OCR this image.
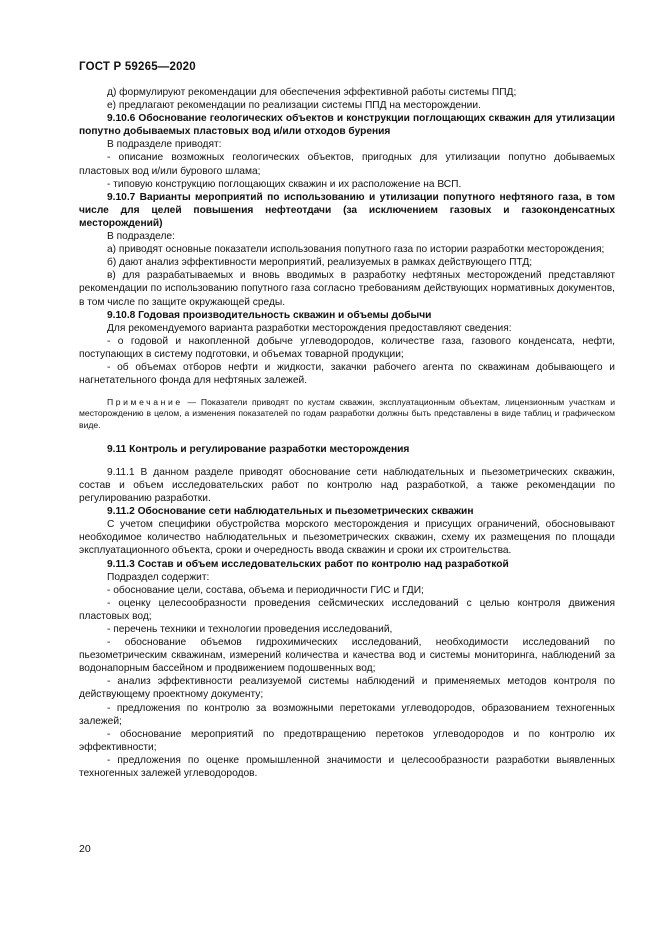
ГОСТ Р 59265—2020

д) формулируют рекомендации для обеспечения эффективной работы системы ППД;

е) предлагают рекомендации по реализации системы ППД на месторождении.

9.10.6 Обоснование геологических объектов и конструкции поглощающих скважин для утилизации попутно добываемых пластовых вод и/или отходов бурения

В подразделе приводят:

- описание возможных геологических объектов, пригодных для утилизации попутно добываемых пластовых вод и/или бурового шлама;

- типовую конструкцию поглощающих скважин и их расположение на ВСП.

9.10.7 Варианты мероприятий по использованию и утилизации попутного нефтяного газа, в том числе для целей повышения нефтеотдачи (за исключением газовых и газоконденсатных месторождений)

В подразделе:

а) приводят основные показатели использования попутного газа по истории разработки месторождения;

б) дают анализ эффективности мероприятий, реализуемых в рамках действующего ПТД;

в) для разрабатываемых и вновь вводимых в разработку нефтяных месторождений представляют рекомендации по использованию попутного газа согласно требованиям действующих нормативных документов, в том числе по защите окружающей среды.

9.10.8 Годовая производительность скважин и объемы добычи

Для рекомендуемого варианта разработки месторождения предоставляют сведения:

- о годовой и накопленной добыче углеводородов, количестве газа, газового конденсата, нефти, поступающих в систему подготовки, и объемах товарной продукции;

- об объемах отборов нефти и жидкости, закачки рабочего агента по скважинам добывающего и нагнетательного фонда для нефтяных залежей.

Примечание — Показатели приводят по кустам скважин, эксплуатационным объектам, лицензионным участкам и месторождению в целом, а изменения показателей по годам разработки должны быть представлены в виде таблиц и графическом виде.

9.11 Контроль и регулирование разработки месторождения

9.11.1 В данном разделе приводят обоснование сети наблюдательных и пьезометрических скважин, состав и объем исследовательских работ по контролю над разработкой, а также рекомендации по регулированию разработки.

9.11.2 Обоснование сети наблюдательных и пьезометрических скважин

С учетом специфики обустройства морского месторождения и присущих ограничений, обосновывают необходимое количество наблюдательных и пьезометрических скважин, схему их размещения по площади эксплуатационного объекта, сроки и очередность ввода скважин и сроки их строительства.

9.11.3 Состав и объем исследовательских работ по контролю над разработкой

Подраздел содержит:

- обоснование цели, состава, объема и периодичности ГИС и ГДИ;

- оценку целесообразности проведения сейсмических исследований с целью контроля движения пластовых вод;

- перечень техники и технологии проведения исследований,

- обоснование объемов гидрохимических исследований, необходимости исследований по пьезометрическим скважинам, измерений количества и качества вод и системы мониторинга, наблюдений за водонапорным бассейном и продвижением подошвенных вод;

- анализ эффективности реализуемой системы наблюдений и применяемых методов контроля по действующему проектному документу;

- предложения по контролю за возможными перетоками углеводородов, образованием техногенных залежей;

- обоснование мероприятий по предотвращению перетоков углеводородов и по контролю их эффективности;

- предложения по оценке промышленной значимости и целесообразности разработки выявленных техногенных залежей углеводородов.

20
